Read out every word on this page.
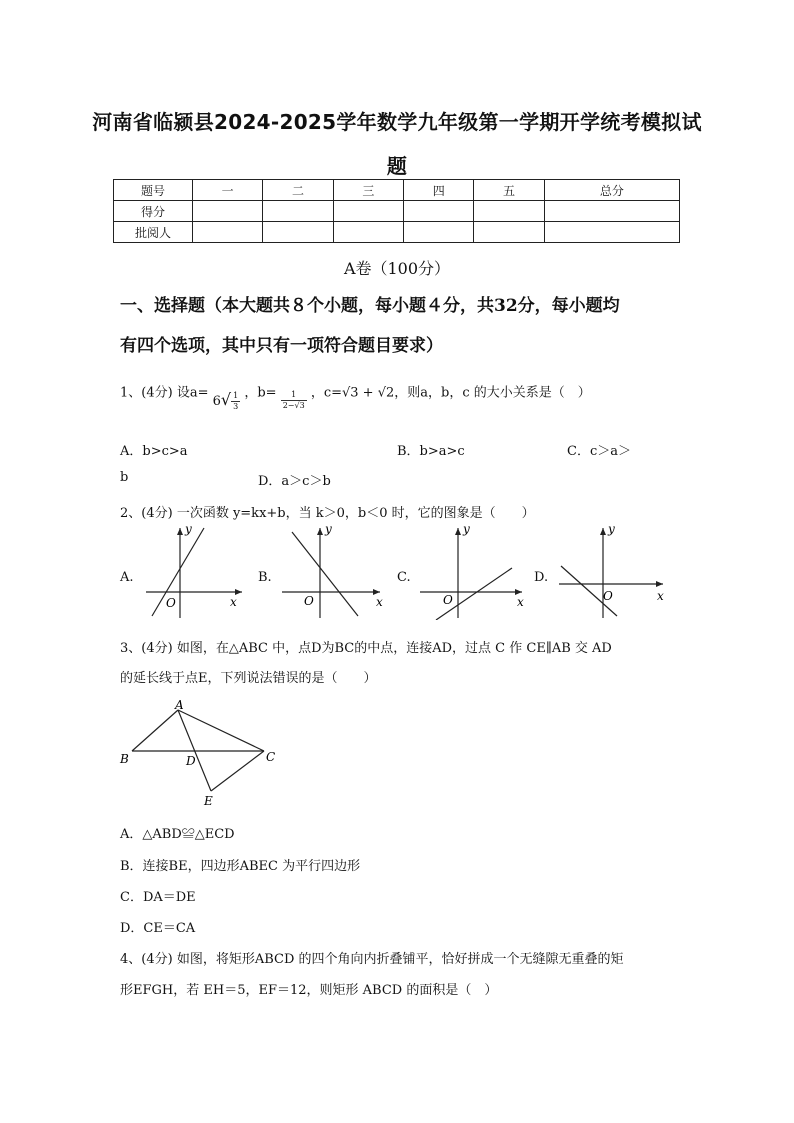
河南省临颍县2024-2025学年数学九年级第一学期开学统考模拟试
题
题号	一	二	三	四	五	总分
得分						
批阅人						
A卷（100分）
一、选择题（本大题共８个小题，每小题４分，共32分，每小题均
有四个选项，其中只有一项符合题目要求）
1、(4分) 设$a= 6√ \frac{1}{3}$ ，$b= \frac{1}{2-√3}$ ，c=√3 + √2，则a，b，c 的大小关系是（　）
A．b>c>a	B．b>a>c	C．c＞a＞
b	D．a＞c＞b
2、(4分) 一次函数 y=kx+b，当 k＞0，b＜0 时，它的图象是（　　）
A.	B.	C.	D.
y
x
O
y
x
O
y
x
O
y
x
O
3、(4分) 如图，在△ABC 中，点D为BC的中点，连接AD，过点 C 作 CE∥AB 交 AD
的延长线于点E，下列说法错误的是（　　）
A
B	C
D
E
A．△ABD≌△ECD
B．连接BE，四边形ABEC 为平行四边形
C．DA＝DE
D．CE＝CA
4、(4分) 如图，将矩形ABCD 的四个角向内折叠铺平，恰好拼成一个无缝隙无重叠的矩
形EFGH，若 EH＝5，EF＝12，则矩形 ABCD 的面积是（　）
